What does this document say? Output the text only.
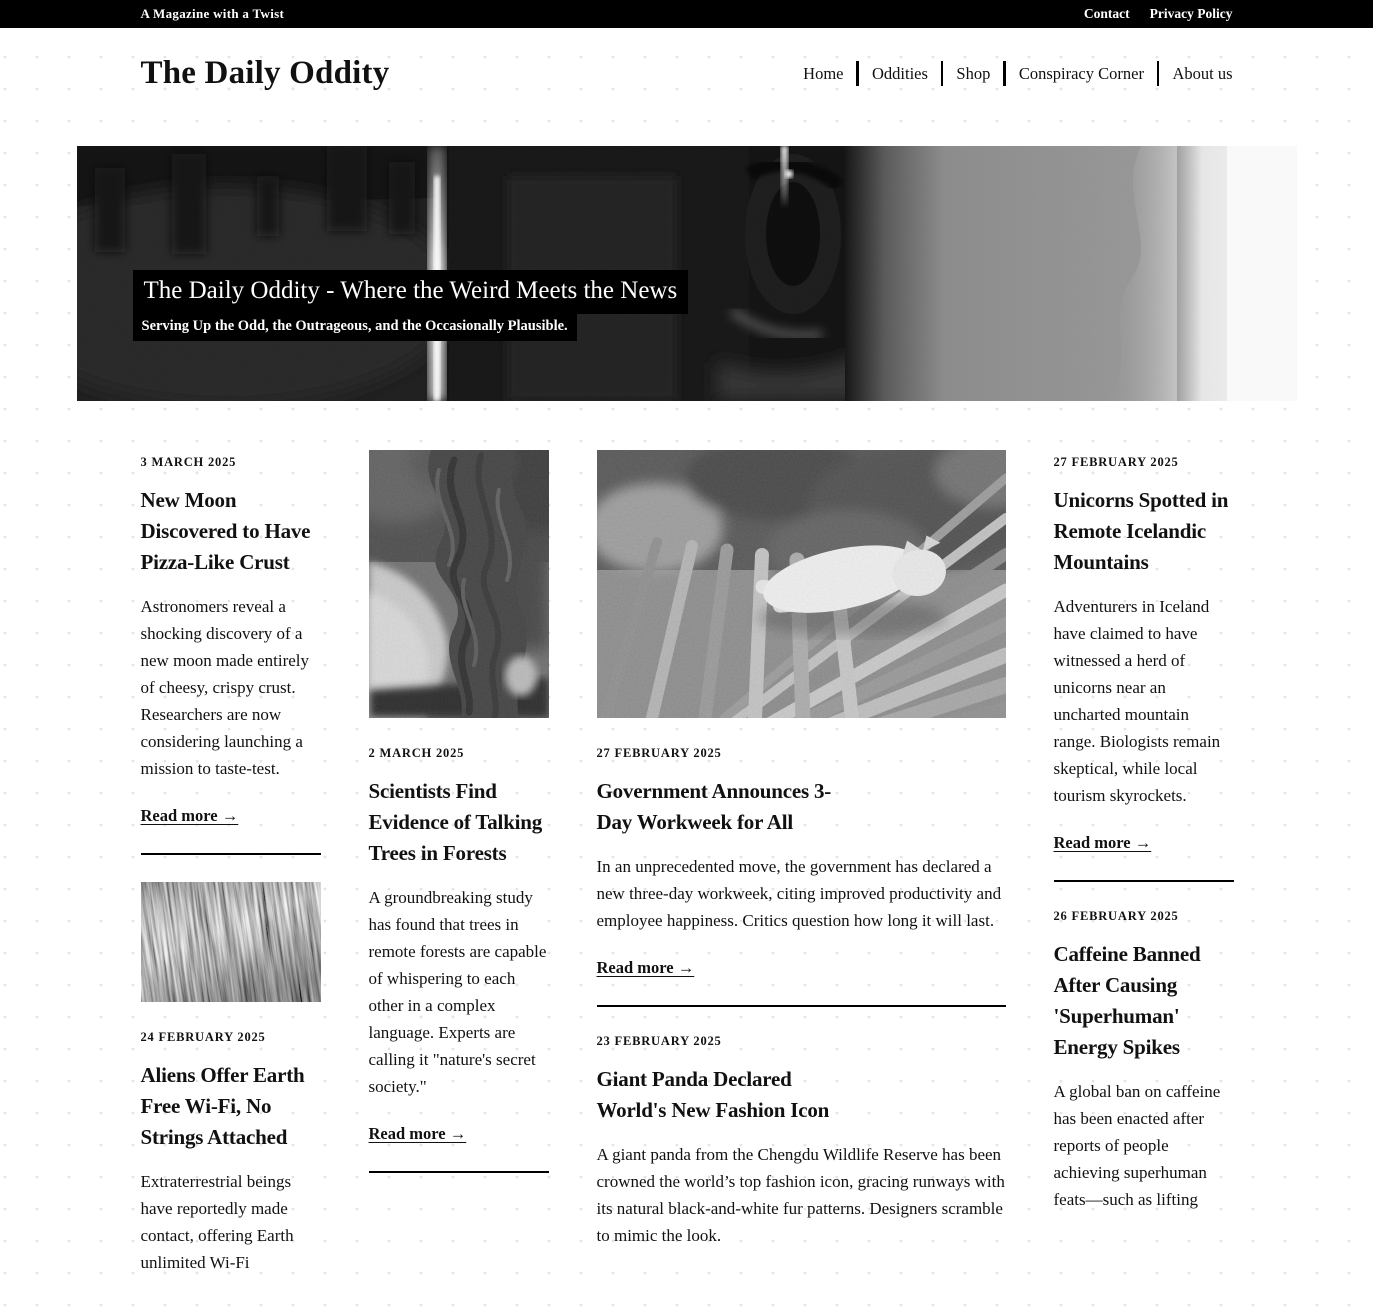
A Magazine with a Twist	Contact Privacy Policy
The Daily Oddity	Home	Oddities	Shop	Conspiracy Corner	About us
The Daily Oddity - Where the Weird Meets the News

Serving Up the Odd, the Outrageous, and the Occasionally Plausible.

3 MARCH 2025
New Moon Discovered to Have Pizza-Like Crust

Astronomers reveal a shocking discovery of a new moon made entirely of cheesy, crispy crust. Researchers are now considering launching a mission to taste-test.

Read more →
24 FEBRUARY 2025
Aliens Offer Earth Free Wi-Fi, No Strings Attached

Extraterrestrial beings have reportedly made contact, offering Earth unlimited Wi-Fi

2 MARCH 2025
Scientists Find Evidence of Talking Trees in Forests

A groundbreaking study has found that trees in remote forests are capable of whispering to each other in a complex language. Experts are calling it "nature's secret society."

Read more →
27 FEBRUARY 2025
Government Announces 3-Day Workweek for All

In an unprecedented move, the government has declared a new three-day workweek, citing improved productivity and employee happiness. Critics question how long it will last.

Read more →
23 FEBRUARY 2025
Giant Panda Declared World's New Fashion Icon

A giant panda from the Chengdu Wildlife Reserve has been crowned the world’s top fashion icon, gracing runways with its natural black-and-white fur patterns. Designers scramble to mimic the look.

27 FEBRUARY 2025
Unicorns Spotted in Remote Icelandic Mountains

Adventurers in Iceland have claimed to have witnessed a herd of unicorns near an uncharted mountain range. Biologists remain skeptical, while local tourism skyrockets.

Read more →
26 FEBRUARY 2025
Caffeine Banned After Causing 'Superhuman' Energy Spikes

A global ban on caffeine has been enacted after reports of people achieving superhuman feats—such as lifting
